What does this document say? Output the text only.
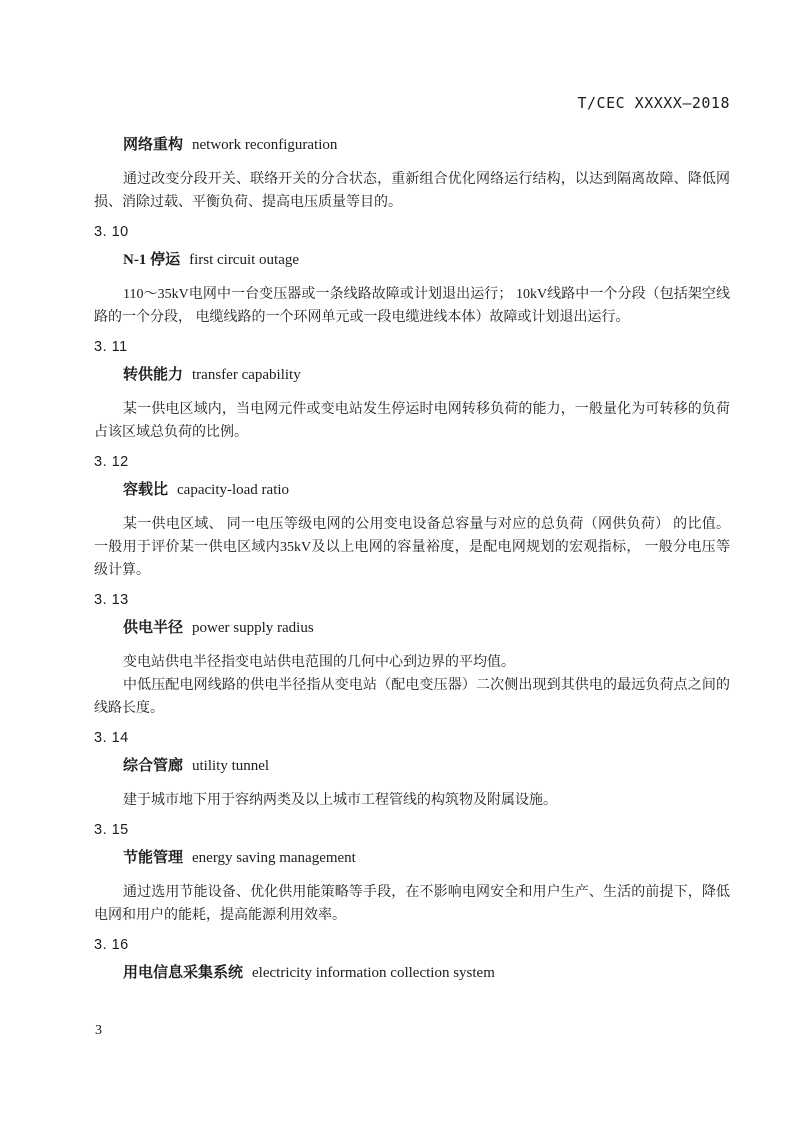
T/CEC XXXXX—2018
网络重构 network reconfiguration

通过改变分段开关、联络开关的分合状态，重新组合优化网络运行结构，以达到隔离故障、降低网损、消除过载、平衡负荷、提高电压质量等目的。

3. 10
N-1 停运 first circuit outage

110～35kV电网中一台变压器或一条线路故障或计划退出运行； 10kV线路中一个分段（包括架空线路的一个分段， 电缆线路的一个环网单元或一段电缆进线本体）故障或计划退出运行。

3. 11
转供能力 transfer capability

某一供电区域内，当电网元件或变电站发生停运时电网转移负荷的能力，一般量化为可转移的负荷占该区域总负荷的比例。

3. 12
容载比 capacity-load ratio

某一供电区域、 同一电压等级电网的公用变电设备总容量与对应的总负荷（网供负荷） 的比值。一般用于评价某一供电区域内35kV及以上电网的容量裕度，是配电网规划的宏观指标， 一般分电压等级计算。

3. 13
供电半径 power supply radius

变电站供电半径指变电站供电范围的几何中心到边界的平均值。

中低压配电网线路的供电半径指从变电站（配电变压器）二次侧出现到其供电的最远负荷点之间的线路长度。

3. 14
综合管廊 utility tunnel

建于城市地下用于容纳两类及以上城市工程管线的构筑物及附属设施。

3. 15
节能管理 energy saving management

通过选用节能设备、优化供用能策略等手段，在不影响电网安全和用户生产、生活的前提下，降低电网和用户的能耗，提高能源利用效率。

3. 16
用电信息采集系统 electricity information collection system
3
